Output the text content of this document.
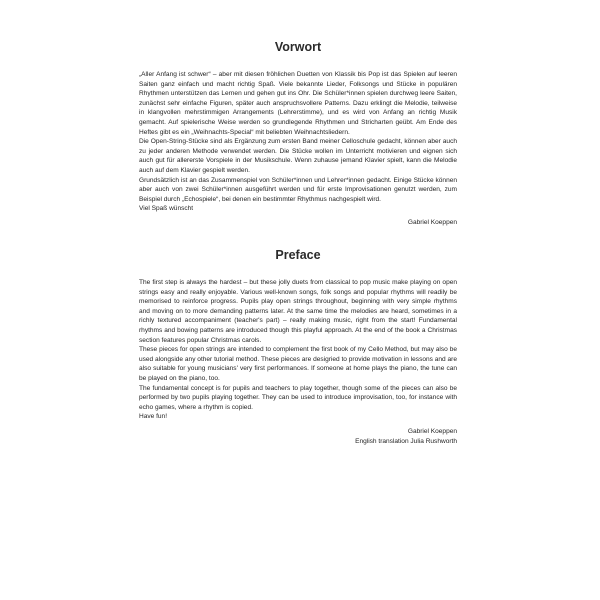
Vorwort

„Aller Anfang ist schwer“ – aber mit diesen fröhlichen Duetten von Klassik bis Pop ist das Spielen auf leeren Saiten ganz einfach und macht richtig Spaß. Viele bekannte Lieder, Folksongs und Stücke in populären Rhythmen unterstützen das Lernen und gehen gut ins Ohr. Die Schüler*innen spielen durchweg leere Saiten, zunächst sehr einfache Figuren, später auch anspruchsvollere Patterns. Dazu erklingt die Melodie, teilweise in klangvollen mehrstimmigen Arrangements (Lehrerstimme), und es wird von Anfang an richtig Musik gemacht. Auf spielerische Weise werden so grundlegende Rhythmen und Stricharten geübt. Am Ende des Heftes gibt es ein „Weihnachts-Special“ mit beliebten Weihnachtsliedern.

Die Open-String-Stücke sind als Ergänzung zum ersten Band meiner Celloschule gedacht, können aber auch zu jeder anderen Methode verwendet werden. Die Stücke wollen im Unterricht motivieren und eignen sich auch gut für allererste Vorspiele in der Musikschule. Wenn zuhause jemand Klavier spielt, kann die Melodie auch auf dem Klavier gespielt werden.

Grundsätzlich ist an das Zusammenspiel von Schüler*innen und Lehrer*innen gedacht. Einige Stücke können aber auch von zwei Schüler*innen ausgeführt werden und für erste Improvisationen genutzt werden, zum Beispiel durch „Echospiele“, bei denen ein bestimmter Rhythmus nachgespielt wird.

Viel Spaß wünscht

Gabriel Koeppen
Preface

The first step is always the hardest – but these jolly duets from classical to pop music make playing on open strings easy and really enjoyable. Various well-known songs, folk songs and popular rhythms will readily be memorised to reinforce progress. Pupils play open strings throughout, beginning with very simple rhythms and moving on to more demanding patterns later. At the same time the melodies are heard, sometimes in a richly textured accompaniment (teacher's part) – really making music, right from the start! Fundamental rhythms and bowing patterns are introduced though this playful approach. At the end of the book a Christmas section features popular Christmas carols.

These pieces for open strings are intended to complement the first book of my Cello Method, but may also be used alongside any other tutorial method. These pieces are desigried to provide motivation in lessons and are also suitable for young musicians' very first performances. If someone at home plays the piano, the tune can be played on the piano, too.

The fundamental concept is for pupils and teachers to play together, though some of the pieces can also be performed by two pupils playing together. They can be used to introduce improvisation, too, for instance with echo games, where a rhythm is copied.

Have fun!

Gabriel Koeppen
English translation Julia Rushworth
